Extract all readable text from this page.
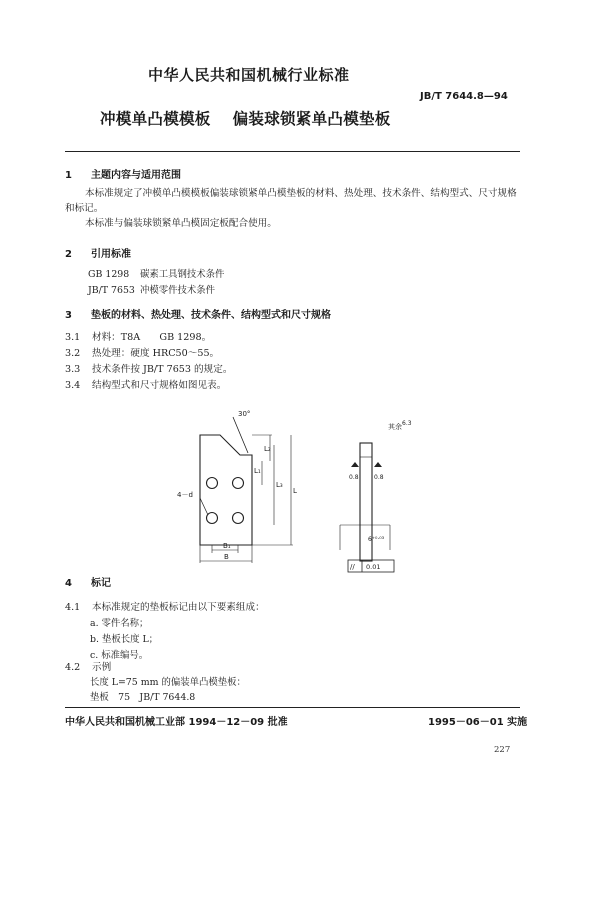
中华人民共和国机械行业标准
JB/T 7644.8—94
冲模单凸模模板 偏装球锁紧单凸模垫板
1 主题内容与适用范围
本标准规定了冲模单凸模模板偏装球锁紧单凸模垫板的材料、热处理、技术条件、结构型式、尺寸规格和标记。
本标准与偏装球锁紧单凸模固定板配合使用。
2 引用标准
GB 1298 碳素工具钢技术条件
JB/T 7653 冲模零件技术条件
3 垫板的材料、热处理、技术条件、结构型式和尺寸规格
3.1 材料：T8A　　GB 1298。
3.2 热处理：硬度 HRC50～55。
3.3 技术条件按 JB/T 7653 的规定。
3.4 结构型式和尺寸规格如图见表。
30°
其余 6.3
4－d
L₂
L₁
L₃
L
B₁
B
0.8	0.8
6⁺⁰·⁰³
// 0.01
4 标记
4.1 本标准规定的垫板标记由以下要素组成：
a. 零件名称；
b. 垫板长度 L；
c. 标准编号。
4.2 示例
长度 L=75 mm 的偏装单凸模垫板：
垫板　75　JB/T 7644.8
中华人民共和国机械工业部 1994－12－09 批准	1995－06－01 实施
227
